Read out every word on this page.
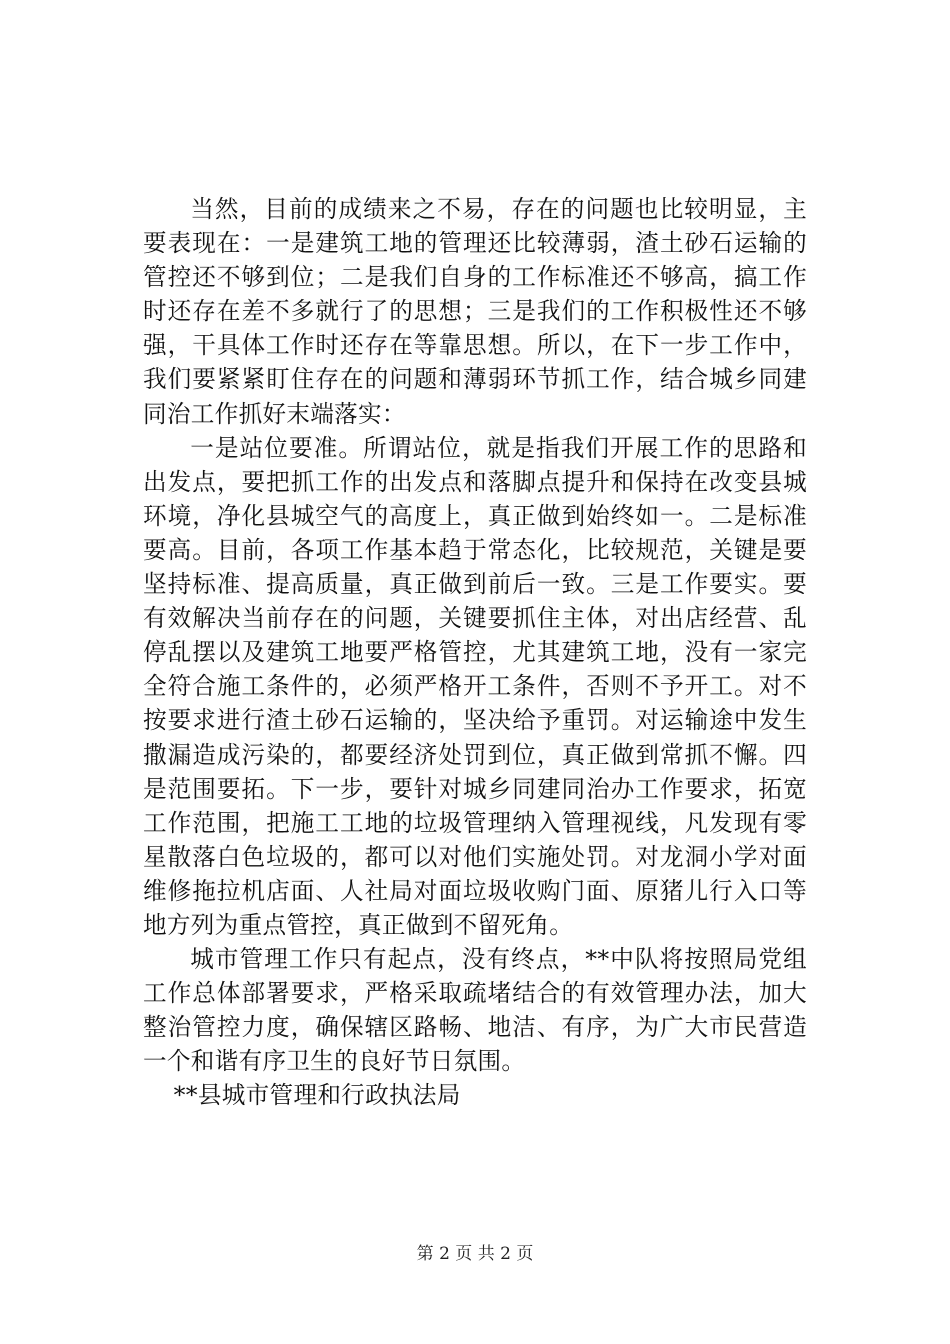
当然，目前的成绩来之不易，存在的问题也比较明显，主要表现在：一是建筑工地的管理还比较薄弱，渣土砂石运输的管控还不够到位；二是我们自身的工作标准还不够高，搞工作时还存在差不多就行了的思想；三是我们的工作积极性还不够强，干具体工作时还存在等靠思想。所以，在下一步工作中，我们要紧紧盯住存在的问题和薄弱环节抓工作，结合城乡同建同治工作抓好末端落实：

一是站位要准。所谓站位，就是指我们开展工作的思路和出发点，要把抓工作的出发点和落脚点提升和保持在改变县城环境，净化县城空气的高度上，真正做到始终如一。二是标准要高。目前，各项工作基本趋于常态化，比较规范，关键是要坚持标准、提高质量，真正做到前后一致。三是工作要实。要有效解决当前存在的问题，关键要抓住主体，对出店经营、乱停乱摆以及建筑工地要严格管控，尤其建筑工地，没有一家完全符合施工条件的，必须严格开工条件，否则不予开工。对不按要求进行渣土砂石运输的，坚决给予重罚。对运输途中发生撒漏造成污染的，都要经济处罚到位，真正做到常抓不懈。四是范围要拓。下一步，要针对城乡同建同治办工作要求，拓宽工作范围，把施工工地的垃圾管理纳入管理视线，凡发现有零星散落白色垃圾的，都可以对他们实施处罚。对龙洞小学对面维修拖拉机店面、人社局对面垃圾收购门面、原猪儿行入口等地方列为重点管控，真正做到不留死角。

城市管理工作只有起点，没有终点，**中队将按照局党组工作总体部署要求，严格采取疏堵结合的有效管理办法，加大整治管控力度，确保辖区路畅、地洁、有序，为广大市民营造一个和谐有序卫生的良好节日氛围。

**县城市管理和行政执法局

第 2 页 共 2 页
